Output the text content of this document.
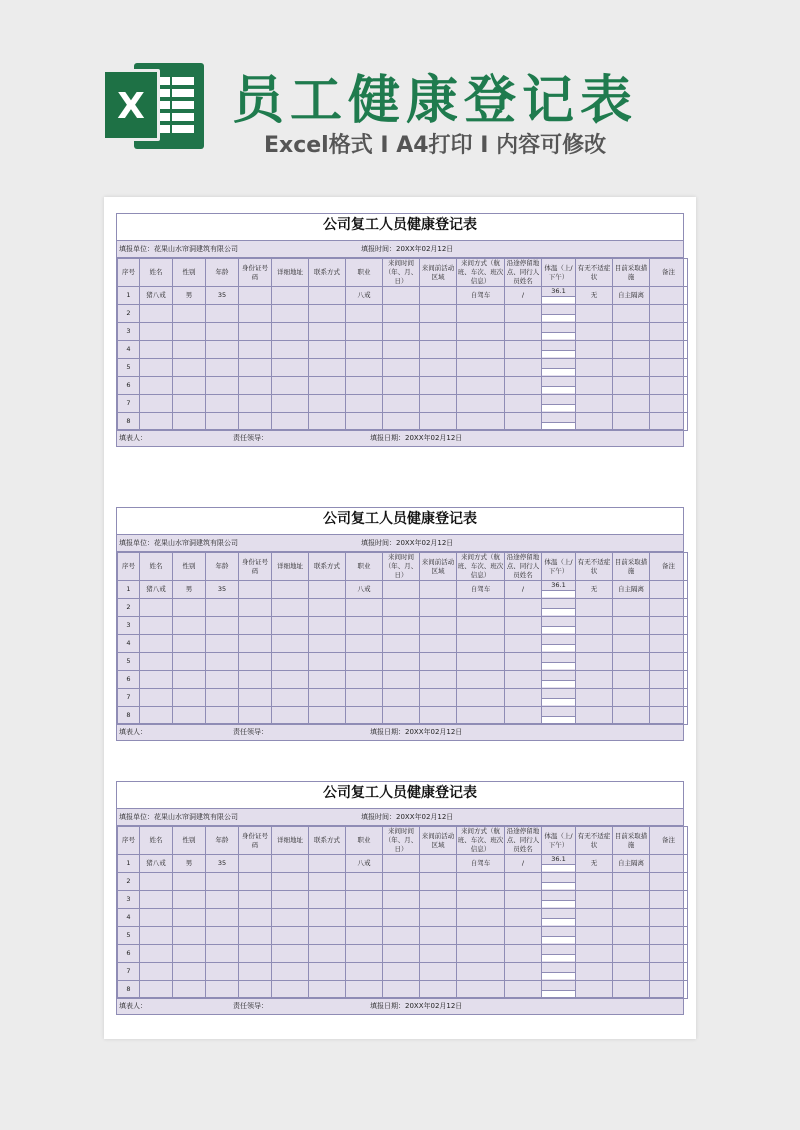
X 员工健康登记表
Excel格式 I A4打印 I 内容可修改
公司复工人员健康登记表
填报单位：花果山水帘洞建筑有限公司	填报时间：20XX年02月12日
序号	姓名	性别	年龄	身份证号码	详细地址	联系方式	职业	来间时间（年、月、日）	来间前活动区域	来间方式（航班、车次、班次信息）	沿途停留地点、同行人员姓名	体温（上/下午）	有无不适症状	目前采取措施	备注
1	猪八戒	男	35				八戒			自驾车	/	36.1	无	自主隔离	
2												

3												

4												

5												

6												

7												

8												

填表人：	责任领导：	填报日期：20XX年02月12日
公司复工人员健康登记表
填报单位：花果山水帘洞建筑有限公司	填报时间：20XX年02月12日
序号	姓名	性别	年龄	身份证号码	详细地址	联系方式	职业	来间时间（年、月、日）	来间前活动区域	来间方式（航班、车次、班次信息）	沿途停留地点、同行人员姓名	体温（上/下午）	有无不适症状	目前采取措施	备注
1	猪八戒	男	35				八戒			自驾车	/	36.1	无	自主隔离	
2												

3												

4												

5												

6												

7												

8												

填表人：	责任领导：	填报日期：20XX年02月12日
公司复工人员健康登记表
填报单位：花果山水帘洞建筑有限公司	填报时间：20XX年02月12日
序号	姓名	性别	年龄	身份证号码	详细地址	联系方式	职业	来间时间（年、月、日）	来间前活动区域	来间方式（航班、车次、班次信息）	沿途停留地点、同行人员姓名	体温（上/下午）	有无不适症状	目前采取措施	备注
1	猪八戒	男	35				八戒			自驾车	/	36.1	无	自主隔离	
2												

3												

4												

5												

6												

7												

8												

填表人：	责任领导：	填报日期：20XX年02月12日
